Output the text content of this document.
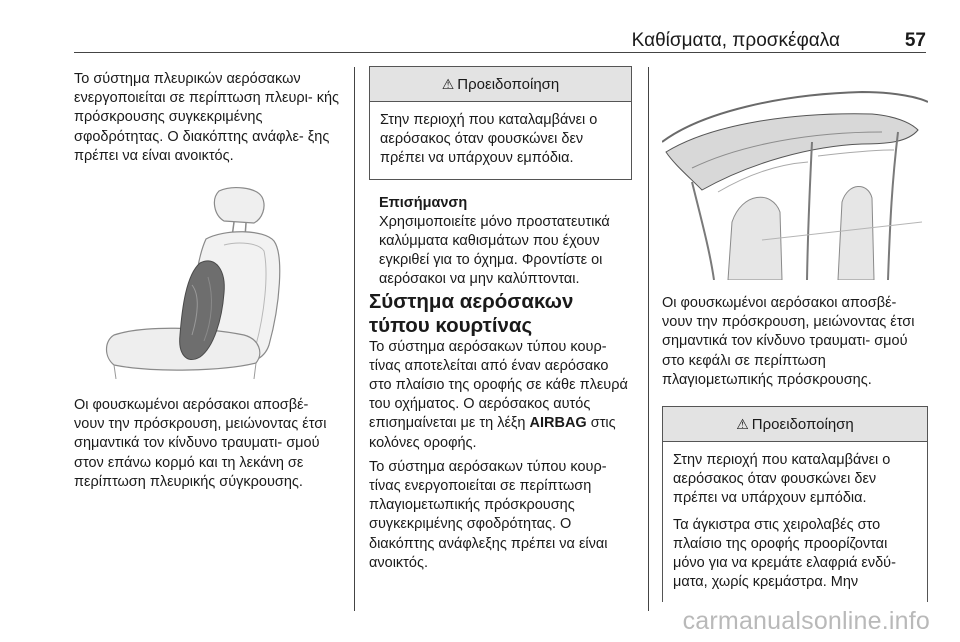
Καθίσματα, προσκέφαλα	57

Το σύστημα πλευρικών αερόσακων ενεργοποιείται σε περίπτωση πλευρι- κής πρόσκρουσης συγκεκριμένης σφοδρότητας. Ο διακόπτης ανάφλε- ξης πρέπει να είναι ανοικτός.

Οι φουσκωμένοι αερόσακοι αποσβέ- νουν την πρόσκρουση, μειώνοντας έτσι σημαντικά τον κίνδυνο τραυματι- σμού στον επάνω κορμό και τη λεκάνη σε περίπτωση πλευρικής σύγκρουσης.

⚠ Προειδοποίηση

Στην περιοχή που καταλαμβάνει ο αερόσακος όταν φουσκώνει δεν πρέπει να υπάρχουν εμπόδια.

Επισήμανση

Χρησιμοποιείτε μόνο προστατευτικά καλύμματα καθισμάτων που έχουν εγκριθεί για το όχημα. Φροντίστε οι αερόσακοι να μην καλύπτονται.

Σύστημα αερόσακων τύπου κουρτίνας

Το σύστημα αερόσακων τύπου κουρ- τίνας αποτελείται από έναν αερόσακο στο πλαίσιο της οροφής σε κάθε πλευρά του οχήματος. Ο αερόσακος αυτός επισημαίνεται με τη λέξη AIRBAG στις κολόνες οροφής.

Το σύστημα αερόσακων τύπου κουρ- τίνας ενεργοποιείται σε περίπτωση πλαγιομετωπικής πρόσκρουσης συγκεκριμένης σφοδρότητας. Ο διακόπτης ανάφλεξης πρέπει να είναι ανοικτός.

Οι φουσκωμένοι αερόσακοι αποσβέ- νουν την πρόσκρουση, μειώνοντας έτσι σημαντικά τον κίνδυνο τραυματι- σμού στο κεφάλι σε περίπτωση πλαγιομετωπικής πρόσκρουσης.

⚠ Προειδοποίηση

Στην περιοχή που καταλαμβάνει ο αερόσακος όταν φουσκώνει δεν πρέπει να υπάρχουν εμπόδια.

Τα άγκιστρα στις χειρολαβές στο πλαίσιο της οροφής προορίζονται μόνο για να κρεμάτε ελαφριά ενδύ- ματα, χωρίς κρεμάστρα. Μην

carmanualsonline.info
